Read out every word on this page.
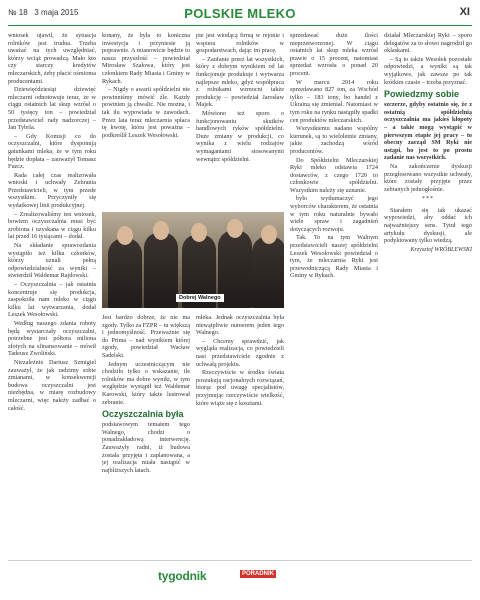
№ 18 3 maja 2015	POLSKIE MLEKO	XI

wniosek ujawił, że sytuacja rolników jest trudna. Trzeba uważać na tych uwzględniać, którzy wciąż prowadzą. Mało kto czy starczy kredytów mleczarskich, żeby płacić ośmioma producentami.

Dziewięćdziesiąt dziewięć mleczarni odnotowuje teraz, że w ciągu ostatnich lat skup wzrósł o 50 tysięcy ton – powiedział przedstawiciel rady nadzorczej – Jan Tybrla.

– Gdy Komisji co do oczyszczalni, które dysponują gatunkami mleka, że w tym roku będzie dopłata – zauważył Tomasz Fuzcz.

Rada całej czas realizowała wnioski i uchwały Zebrania Przedstawicieli, w tym przede wszystkim. Przyczyniły się wydatkowej linii produkcyjnej.

– Zrealizowaliśmy ten wniosek, bowiem oczyszczalnia musi być zrobiona i uzyskana w ciągu kilku lat przed 16 tysiącami – dodał.

Na składanie sprawozdania wystąpiło też kilku członków, którzy uznali pełną odpowiedzialność za wyniki – stwierdził Waldemar Rajdowski.

– Oczyszczalnia – jak ostatnia koncentruje się produkcja, zaspokoiła nam mleko w ciągu kilku lat wytwarzania, dodał Leszek Wesołowski.

Według naszego zdania roboty będą wystarczały oczyszczalni, potrzebne jest półtora miliona złotych na sfinansowanie – mówił Tadeusz Zwoliński.

Niezależnie Dariusz Szmigiel zauważył, że jak radzimy sobie zmianami, w konsekwencji budowa oczyszczalni jest niezbędna, w miarę rozbudowy mleczarni, więc należy zadbać o całość.

konany, że była to koniczna inwestycja i przyniesie ją poprawnie. A mianowicie będzie to nasza przyszłość – powiedział Mirosław Szałowa, który jest członkiem Rady Miasta i Gminy w Rykach.

– Nigdy o awarii spółdzielni nie powinniśmy mówić źle. Każdy powinien ją chwalić. Nie można, i tak ilu wypowiada w zawodach. Przez lata teraz mleczarnia spłaca tę kwotę, która jest poważna – podkreślił Leszek Wesołowski.

pie jest wiodącą firmą w rejonie i wspiera rolników w gospodarstwach, dając im pracę.

– Zaufanie przez lat wszystkich, który z dobrym wynikiem od lat funkcjonuje produkuje i wytwarza najlepsze mleko, gdyż współpraca z rolnikami wzmocni także produkcję – powiedział Jarosław Majek.

Mówiono też sporo o funkcjonowaniu skutków handlowych ryków spółdzielni. Duże zmiany w produkcji, co wynika z wielu rodzajów wymaganiami stosowanymi wewnątrz spółdzielni.

Dobrej Walnego

Jest bardzo dobrze, że nie ma zgody. Tylko za FZPR – tu większą i jednomyślność. Przeważnie się do Prima – nad wynikiem której zgody, powiedział Wacław Sadelski.

Jednym uczestniczącym nie chodziło tylko o wskazanie, ile rolników ma dobre wyniki, w tym względzie wystąpił też Waldemar Karowski, który także lustrował zebranie.

Oczyszczalnia była

podstawowym tematem tego Walnego, chodzi o ponadzakładową interwencję. Zauważyły radni, iż budowa została przyjęta i zaplanowana, a jej realizacja miała nastąpić w najbliższych latach.

mleka. Jednak oczyszczalnia była niewątpliwie numerem jeden tego Walnego.

– Chcemy sprawdzić, jak wygląda realizacja, co powiedzieli nasi przedstawiciele zgodnie z uchwałą projektu.

Rzeczywiście w środku świata poszukują racjonalnych rozwiązań, biorąc pod uwagę specjalistów, przyjmując rzeczywiście wielkość, które wiąże się z kosztami.

sprzedawać duże ilości nieprzetworzonej. W ciągu ostatnich lat skup mleka wzrósł prawie o 15 procent, natomiast sprzedaż wzrosła o ponad 20 procent.

W marcu 2014 roku sprzedawano 827 ton, za Wschód tylko – 183 tony, bo handel z Ukrainą się zmieniał. Natomiast w tym roku na rynku nastąpiły spadki cen produktów mleczarskich.

Wszystkiemu nadano wspólny kierunek, są to wieloletnie zmiany, jakie zachodzą wśród producentów.

Do Spółdzielni Mleczarskiej Ryki mleko odstawia 1724 dostawców, z czego 1720 to członkowie spółdzielni. Wszystkim należy się uznanie.

było wytłumaczyć jego wyborców charakterem, że ostatnia w tym roku naturalnie bywało wiele spraw i zagadnień dotyczących rozwoju.

Tak. To na tym Walnym przedstawicieli naszej spółdzielni Leszek Wesołowski powiedział o tym, że mleczarnia Ryki jest przewodniczącą Rady Miasta i Gminy w Rykach.

działał Mleczarskiej Ryki – sporo delegatów za to słowo nagrodził go oklaskami.

– Są to także Wesołek pozostałe odpowiedzi, a wyniki są tak wyjątkowe, jak zawsze po tak krótkim czasie – trzeba przyznać.

Powiedzmy sobie

szczerze, gdyby ostatnio się, że z ostatnią spółdzielnią oczyszczalnia ma jakieś kłopoty – a takie mogą wystąpić w pierwszym etapie jej pracy – to obecny zarząd SM Ryki nie ustąpi, bo jest to po prostu zadanie nas wszystkich.

Na zakończenie dyskusji przegłosowano wszystkie uchwały, które zostały przyjęte przez zebranych jednogłośnie.

***

Starałem się tak ukazać wypowiedzi, aby oddać ich najważniejszy sens. Tytuł tego artykułu dyskusji, ale podyktowany tylko wiedzą.

Krzysztof WRÓBLEWSKI
tygodnik	PORADNIK
